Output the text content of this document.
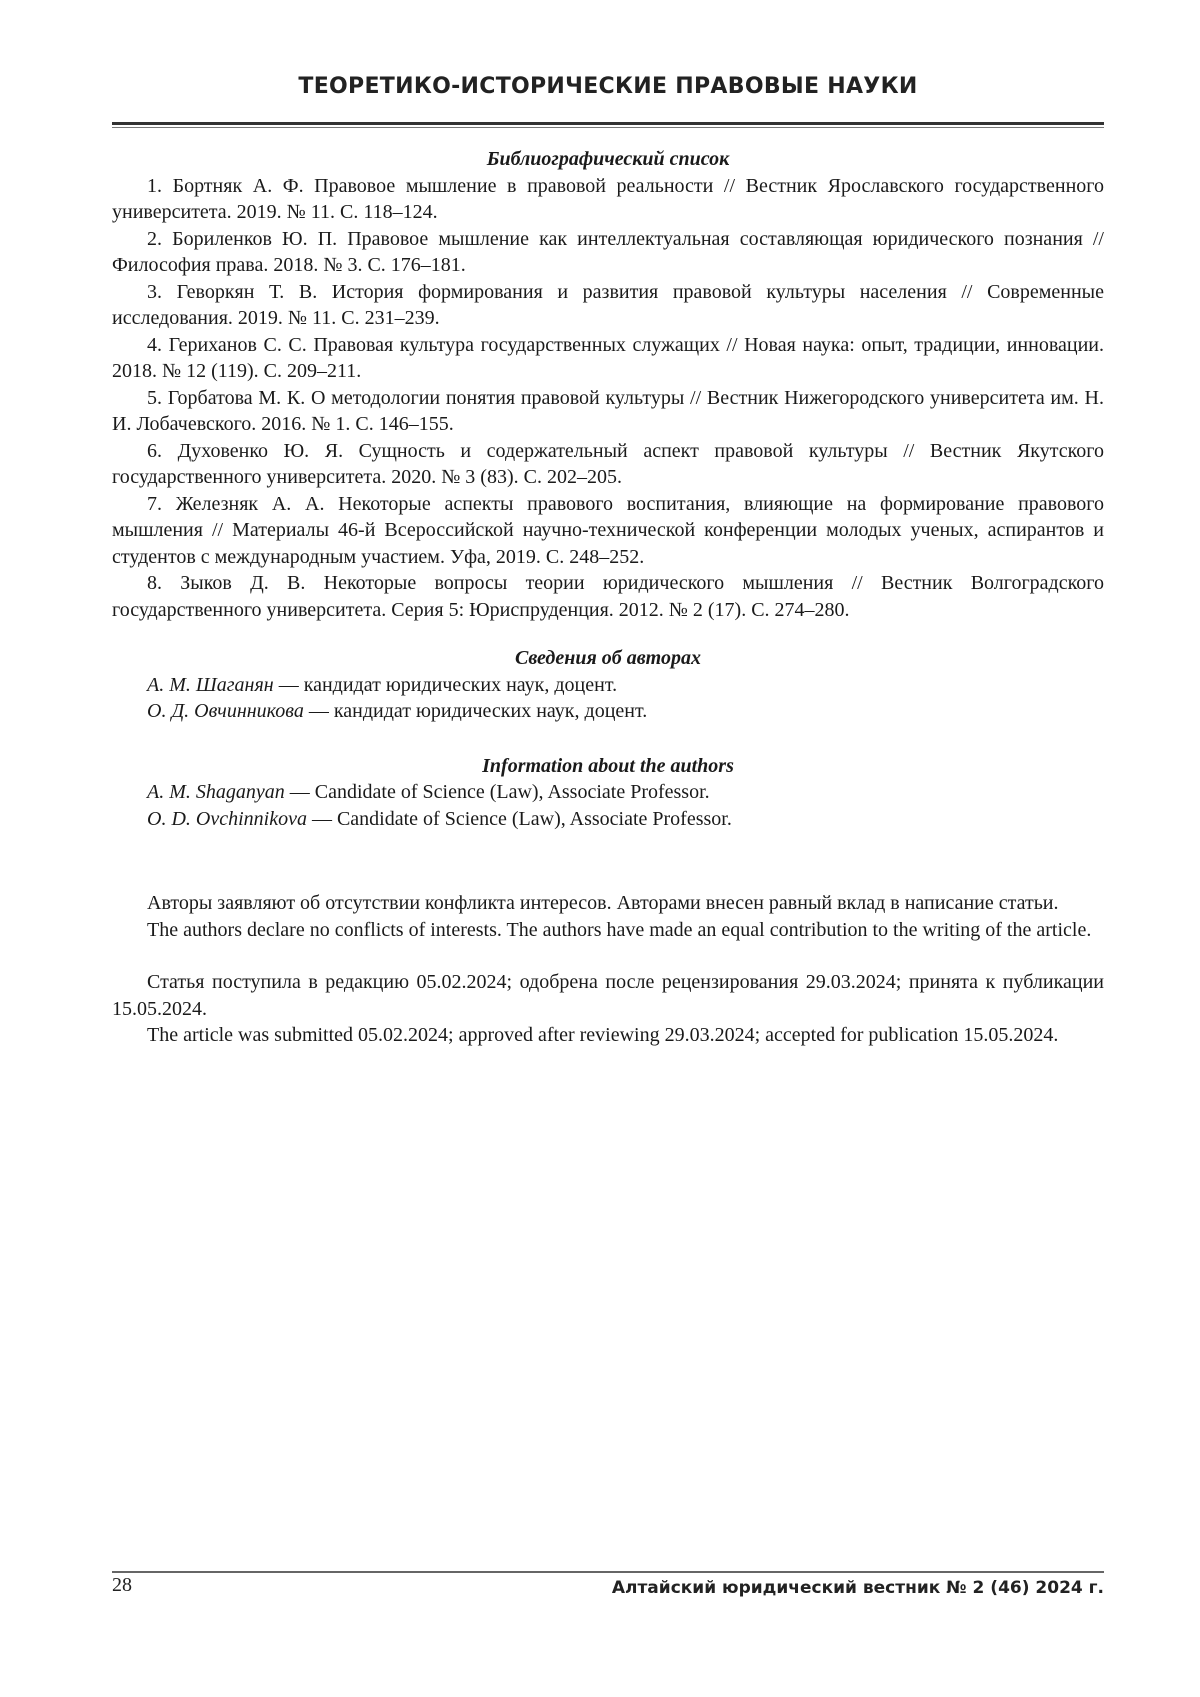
ТЕОРЕТИКО-ИСТОРИЧЕСКИЕ ПРАВОВЫЕ НАУКИ

Библиографический список

1. Бортняк А. Ф. Правовое мышление в правовой реальности // Вестник Ярославского государственного университета. 2019. № 11. С. 118–124.

2. Бориленков Ю. П. Правовое мышление как интеллектуальная составляющая юридического познания // Философия права. 2018. № 3. С. 176–181.

3. Геворкян Т. В. История формирования и развития правовой культуры населения // Современные исследования. 2019. № 11. С. 231–239.

4. Гериханов С. С. Правовая культура государственных служащих // Новая наука: опыт, традиции, инновации. 2018. № 12 (119). С. 209–211.

5. Горбатова М. К. О методологии понятия правовой культуры // Вестник Нижегородского университета им. Н. И. Лобачевского. 2016. № 1. С. 146–155.

6. Духовенко Ю. Я. Сущность и содержательный аспект правовой культуры // Вестник Якутского государственного университета. 2020. № 3 (83). С. 202–205.

7. Железняк А. А. Некоторые аспекты правового воспитания, влияющие на формирование правового мышления // Материалы 46-й Всероссийской научно-технической конференции молодых ученых, аспирантов и студентов с международным участием. Уфа, 2019. С. 248–252.

8. Зыков Д. В. Некоторые вопросы теории юридического мышления // Вестник Волгоградского государственного университета. Серия 5: Юриспруденция. 2012. № 2 (17). С. 274–280.

Сведения об авторах

А. М. Шаганян — кандидат юридических наук, доцент.

О. Д. Овчинникова — кандидат юридических наук, доцент.

Information about the authors

A. M. Shaganyan — Candidate of Science (Law), Associate Professor.

O. D. Ovchinnikova — Candidate of Science (Law), Associate Professor.

Авторы заявляют об отсутствии конфликта интересов. Авторами внесен равный вклад в написание статьи.

The authors declare no conflicts of interests. The authors have made an equal contribution to the writing of the article.

Статья поступила в редакцию 05.02.2024; одобрена после рецензирования 29.03.2024; принята к публикации 15.05.2024.

The article was submitted 05.02.2024; approved after reviewing 29.03.2024; accepted for publication 15.05.2024.

28	Алтайский юридический вестник № 2 (46) 2024 г.
